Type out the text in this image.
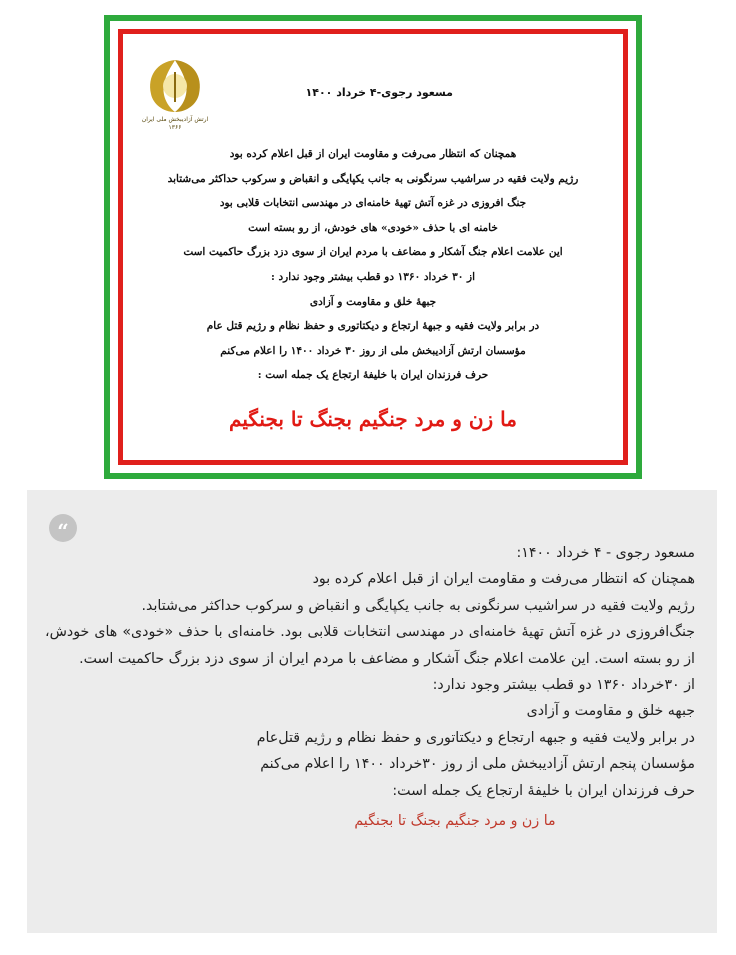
ارتش آزادیبخش ملی ایران
۱۳۶۶
مسعود رجوی-۴ خرداد ۱۴۰۰
همچنان که انتظار می‌رفت و مقاومت ایران از قبل اعلام کرده بود
رژیم ولایت فقیه در سراشیب سرنگونی به جانب یکپایگی و انقباض و سرکوب حداکثر می‌شتابد
جنگ افروزی در غزه آتش تهیهٔ خامنه‌ای در مهندسی انتخابات قلابی بود
خامنه ای با حذف «خودی» های خودش، از رو بسته است
این علامت اعلام جنگ آشکار و مضاعف با مردم ایران از سوی دزد بزرگ حاکمیت است
از ۳۰ خرداد ۱۳۶۰ دو قطب بیشتر وجود ندارد :
جبههٔ خلق و مقاومت و آزادی
در برابر ولایت فقیه و جبههٔ ارتجاع و دیکتاتوری و حفظ نظام و رژیم قتل عام
مؤسسان ارتش آزادیبخش ملی از روز ۳۰ خرداد ۱۴۰۰ را اعلام می‌کنم
حرف فرزندان ایران با خلیفهٔ ارتجاع یک جمله است :
ما زن و مرد جنگیم بجنگ تا بجنگیم
“

مسعود رجوی - ۴ خرداد ۱۴۰۰:

همچنان که انتظار می‌رفت و مقاومت ایران از قبل اعلام کرده بود

رژیم ولایت فقیه در سراشیب سرنگونی به جانب یکپایگی و انقباض و سرکوب حداکثر می‌شتابد.

جنگ‌افروزی در غزه آتش تهیهٔ خامنه‌ای در مهندسی انتخابات قلابی بود. خامنه‌ای با حذف «خودی» های خودش، از رو بسته است. این علامت اعلام جنگ آشکار و مضاعف با مردم ایران از سوی دزد بزرگ حاکمیت است.

از ۳۰خرداد ۱۳۶۰ دو قطب بیشتر وجود ندارد:

جبهه خلق و مقاومت و آزادی

در برابر ولایت فقیه و جبهه ارتجاع و دیکتاتوری و حفظ نظام و رژیم قتل‌عام

مؤسسان پنجم ارتش آزادیبخش ملی از روز ۳۰خرداد ۱۴۰۰ را اعلام می‌کنم

حرف فرزندان ایران با خلیفهٔ ارتجاع یک جمله است:

ما زن و مرد جنگیم بجنگ تا بجنگیم
